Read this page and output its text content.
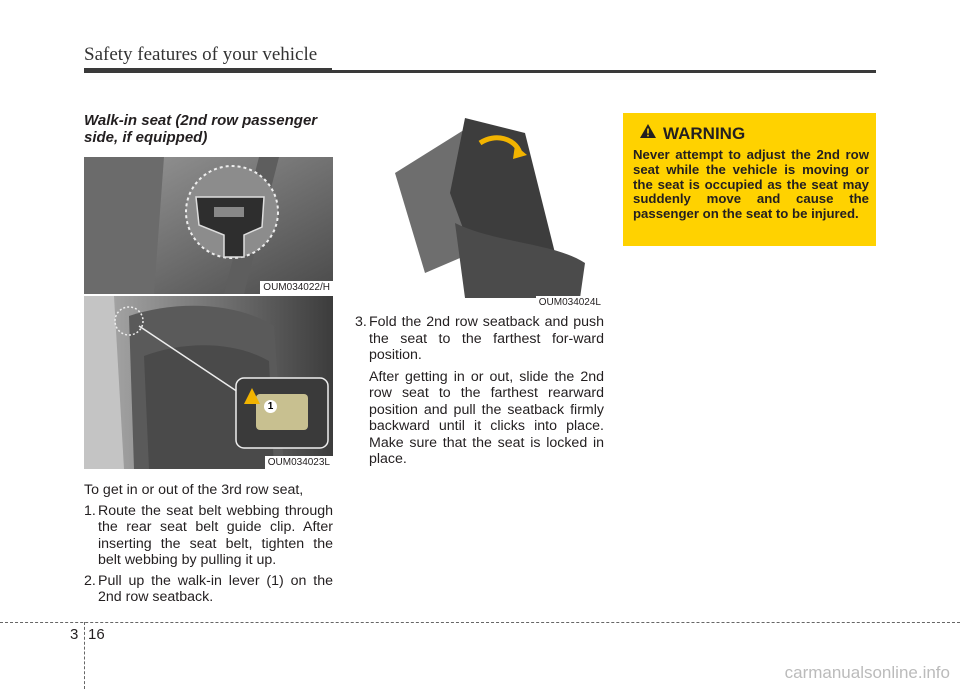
Safety features of your vehicle
Walk-in seat (2nd row passenger side, if equipped)
OUM034022/H
1
OUM034023L
OUM034024L
To get in or out of the 3rd row seat,
1. Route the seat belt webbing through the rear seat belt guide clip. After inserting the seat belt, tighten the belt webbing by pulling it up.
2. Pull up the walk-in lever (1) on the 2nd row seatback.
3. Fold the 2nd row seatback and push the seat to the farthest for-ward position.
After getting in or out, slide the 2nd row seat to the farthest rearward position and pull the seatback firmly backward until it clicks into place. Make sure that the seat is locked in place.
WARNING
Never attempt to adjust the 2nd row seat while the vehicle is moving or the seat is occupied as the seat may suddenly move and cause the passenger on the seat to be injured.
3 16
carmanualsonline.info
